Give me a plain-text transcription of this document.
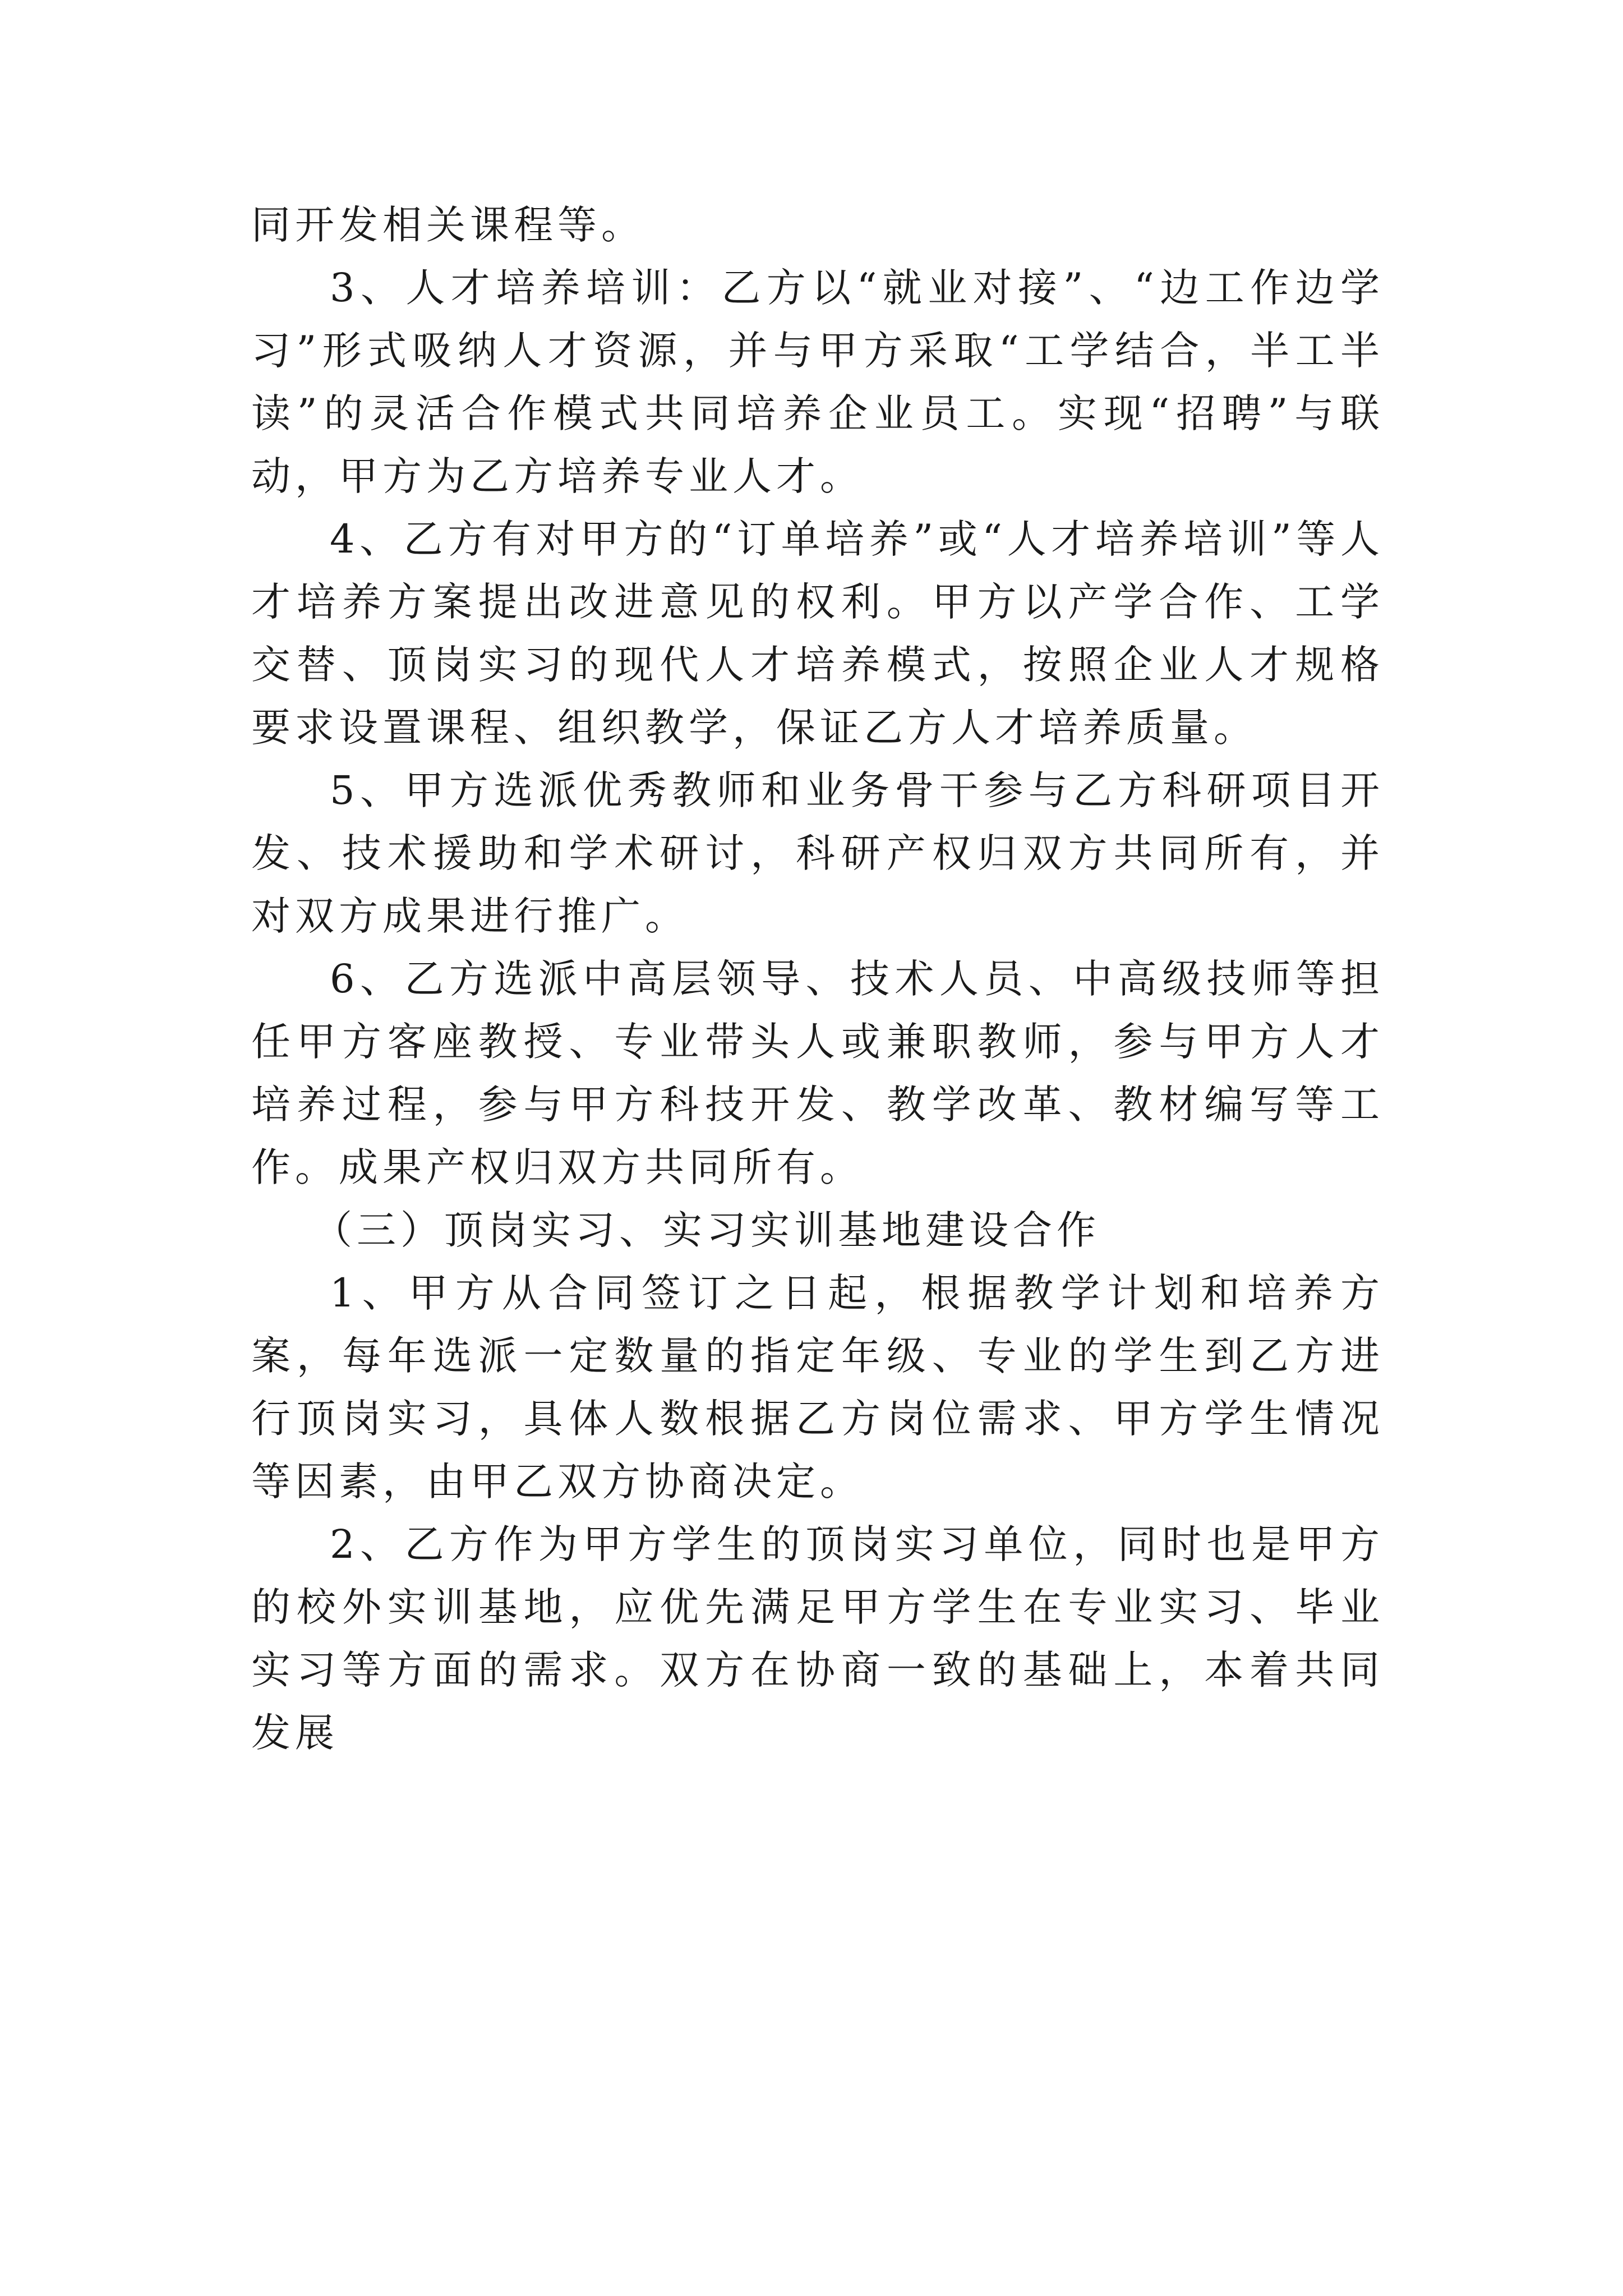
同开发相关课程等。

3、人才培养培训：乙方以“就业对接”、“边工作边学习”形式吸纳人才资源，并与甲方采取“工学结合，半工半读”的灵活合作模式共同培养企业员工。实现“招聘”与联动，甲方为乙方培养专业人才。

4、乙方有对甲方的“订单培养”或“人才培养培训”等人才培养方案提出改进意见的权利。甲方以产学合作、工学交替、顶岗实习的现代人才培养模式，按照企业人才规格要求设置课程、组织教学，保证乙方人才培养质量。

5、甲方选派优秀教师和业务骨干参与乙方科研项目开发、技术援助和学术研讨，科研产权归双方共同所有，并对双方成果进行推广。

6、乙方选派中高层领导、技术人员、中高级技师等担任甲方客座教授、专业带头人或兼职教师，参与甲方人才培养过程，参与甲方科技开发、教学改革、教材编写等工作。成果产权归双方共同所有。

（三）顶岗实习、实习实训基地建设合作

1、甲方从合同签订之日起，根据教学计划和培养方案，每年选派一定数量的指定年级、专业的学生到乙方进行顶岗实习，具体人数根据乙方岗位需求、甲方学生情况等因素，由甲乙双方协商决定。

2、乙方作为甲方学生的顶岗实习单位，同时也是甲方的校外实训基地，应优先满足甲方学生在专业实习、毕业实习等方面的需求。双方在协商一致的基础上，本着共同发展
